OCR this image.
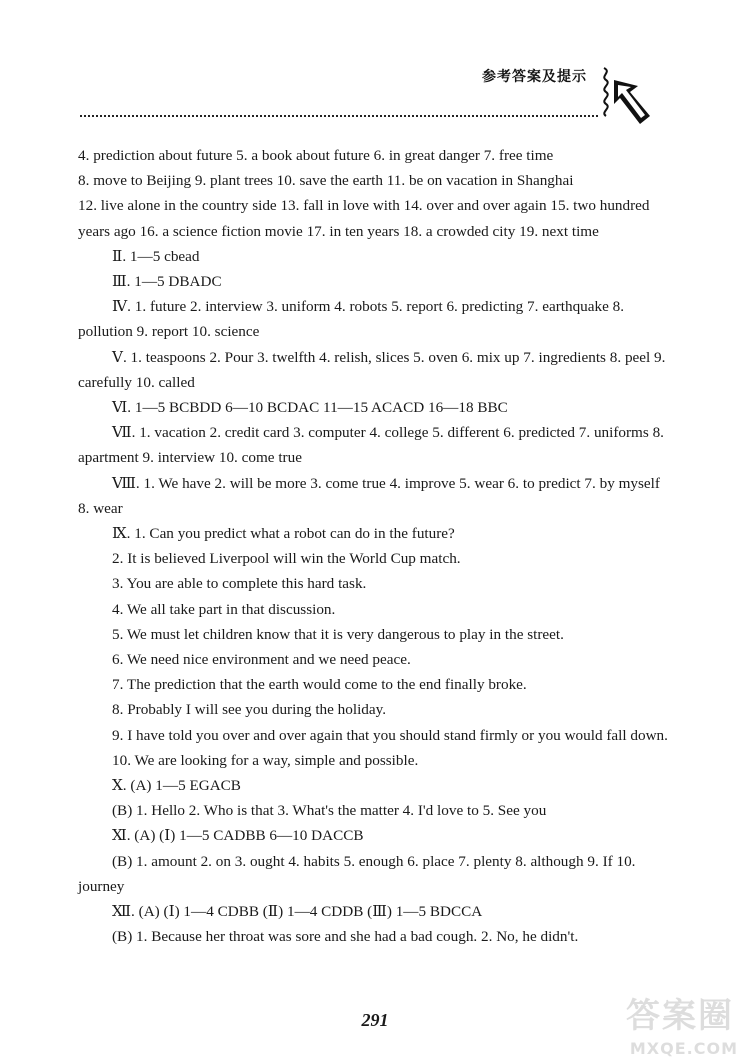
参考答案及提示

4. prediction about future 5. a book about future 6. in great danger 7. free time

8. move to Beijing 9. plant trees 10. save the earth 11. be on vacation in Shanghai

12. live alone in the country side 13. fall in love with 14. over and over again 15. two hundred years ago 16. a science fiction movie 17. in ten years 18. a crowded city 19. next time

Ⅱ. 1—5 cbead

Ⅲ. 1—5 DBADC

Ⅳ. 1. future 2. interview 3. uniform 4. robots 5. report 6. predicting 7. earthquake 8. pollution 9. report 10. science

Ⅴ. 1. teaspoons 2. Pour 3. twelfth 4. relish, slices 5. oven 6. mix up 7. ingredients 8. peel 9. carefully 10. called

Ⅵ. 1—5 BCBDD 6—10 BCDAC 11—15 ACACD 16—18 BBC

Ⅶ. 1. vacation 2. credit card 3. computer 4. college 5. different 6. predicted 7. uniforms 8. apartment 9. interview 10. come true

Ⅷ. 1. We have 2. will be more 3. come true 4. improve 5. wear 6. to predict 7. by myself 8. wear

Ⅸ. 1. Can you predict what a robot can do in the future?

2. It is believed Liverpool will win the World Cup match.

3. You are able to complete this hard task.

4. We all take part in that discussion.

5. We must let children know that it is very dangerous to play in the street.

6. We need nice environment and we need peace.

7. The prediction that the earth would come to the end finally broke.

8. Probably I will see you during the holiday.

9. I have told you over and over again that you should stand firmly or you would fall down.

10. We are looking for a way, simple and possible.

Ⅹ. (A) 1—5 EGACB

(B) 1. Hello 2. Who is that 3. What's the matter 4. I'd love to 5. See you

Ⅺ. (A) (Ⅰ) 1—5 CADBB 6—10 DACCB

(B) 1. amount 2. on 3. ought 4. habits 5. enough 6. place 7. plenty 8. although 9. If 10. journey

Ⅻ. (A) (Ⅰ) 1—4 CDBB (Ⅱ) 1—4 CDDB (Ⅲ) 1—5 BDCCA

(B) 1. Because her throat was sore and she had a bad cough. 2. No, he didn't.

291	答案圈
MXQE.COM
